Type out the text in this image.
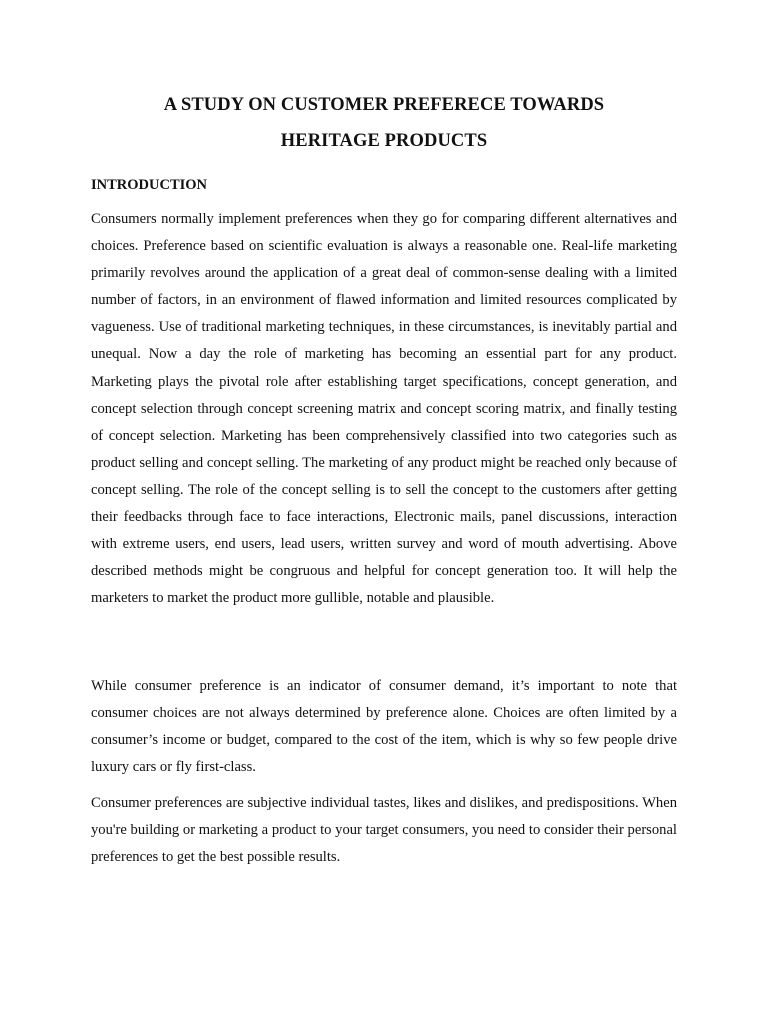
A STUDY ON CUSTOMER PREFERECE TOWARDS
HERITAGE PRODUCTS
INTRODUCTION

Consumers normally implement preferences when they go for comparing different alternatives and choices. Preference based on scientific evaluation is always a reasonable one. Real-life marketing primarily revolves around the application of a great deal of common-sense dealing with a limited number of factors, in an environment of flawed information and limited resources complicated by vagueness. Use of traditional marketing techniques, in these circumstances, is inevitably partial and unequal. Now a day the role of marketing has becoming an essential part for any product. Marketing plays the pivotal role after establishing target specifications, concept generation, and concept selection through concept screening matrix and concept scoring matrix, and finally testing of concept selection. Marketing has been comprehensively classified into two categories such as product selling and concept selling. The marketing of any product might be reached only because of concept selling. The role of the concept selling is to sell the concept to the customers after getting their feedbacks through face to face interactions, Electronic mails, panel discussions, interaction with extreme users, end users, lead users, written survey and word of mouth advertising. Above described methods might be congruous and helpful for concept generation too. It will help the marketers to market the product more gullible, notable and plausible.

While consumer preference is an indicator of consumer demand, it’s important to note that consumer choices are not always determined by preference alone. Choices are often limited by a consumer’s income or budget, compared to the cost of the item, which is why so few people drive luxury cars or fly first-class.

Consumer preferences are subjective individual tastes, likes and dislikes, and predispositions. When you're building or marketing a product to your target consumers, you need to consider their personal preferences to get the best possible results.
